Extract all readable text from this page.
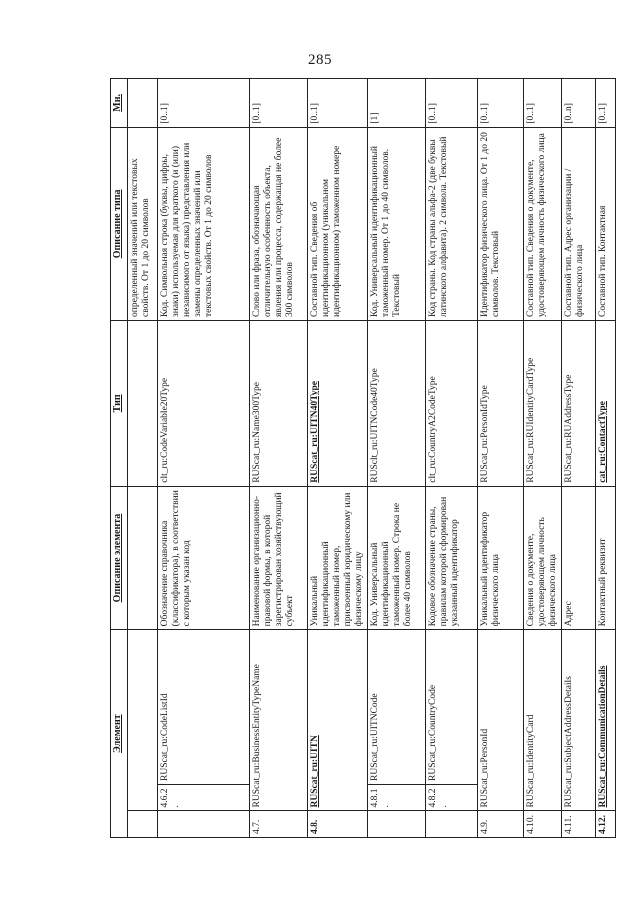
285
Элемент			Описание элемента	Тип	Описание типа	Мн.
					определенный значений или текстовых свойств. От 1 до 20 символов	
	4.6.2.	RUScat_ru:CodeListId	Обозначение справочника (классификатора), в соответствии с которым указан код	clt_ru:CodeVariable20Type	Код. Символьная строка (буквы, цифры, знаки) используемая для краткого (и (или) независимого от языка) представления или замены определенных значений или текстовых свойств. От 1 до 20 символов	[0..1]
4.7.	RUScat_ru:BusinessEntityTypeName		Наименование организационно-правовой формы, в которой зарегистрирован хозяйствующий субъект	RUScat_ru:Name300Type	Слово или фраза, обозначающая отличительную особенность объекта, явления или процесса, содержащая не более 300 символов	[0..1]
4.8.	RUScat_ru:UITN		Уникальный идентификационный таможенный номер, присвоенный юридическому или физическому лицу	RUScat_ru:UITN40Type	Составной тип. Сведения об идентификационном (уникальном идентификационном) таможенном номере	[0..1]
	4.8.1.	RUScat_ru:UITNCode	Код. Универсальный идентификационный таможенный номер. Строка не более 40 символов	RUSclt_ru:UITNCode40Type	Код. Универсальный идентификационный таможенный номер. От 1 до 40 символов. Текстовый	[1]
	4.8.2.	RUScat_ru:CountryCode	Кодовое обозначение страны, правилам которой сформирован указанный идентификатор	clt_ru:CountryA2CodeType	Код страны. Код страны альфа-2 (две буквы латинского алфавита). 2 символа. Текстовый	[0..1]
4.9.	RUScat_ru:PersonId		Уникальный идентификатор физического лица	RUScat_ru:PersonIdType	Идентификатор физического лица. От 1 до 20 символов. Текстовый	[0..1]
4.10.	RUScat_ru:IdentityCard		Сведения о документе, удостоверяющем личность физического лица	RUScat_ru:RUIdentityCardType	Составной тип. Сведения о документе, удостоверяющем личность физического лица	[0..1]
4.11.	RUScat_ru:SubjectAddressDetails		Адрес	RUScat_ru:RUAddressType	Составной тип. Адрес организации / физического лица	[0..n]
4.12.	RUScat_ru:CommunicationDetails		Контактный реквизит	cat_ru:ContactType	Составной тип. Контактная	[0..1]
